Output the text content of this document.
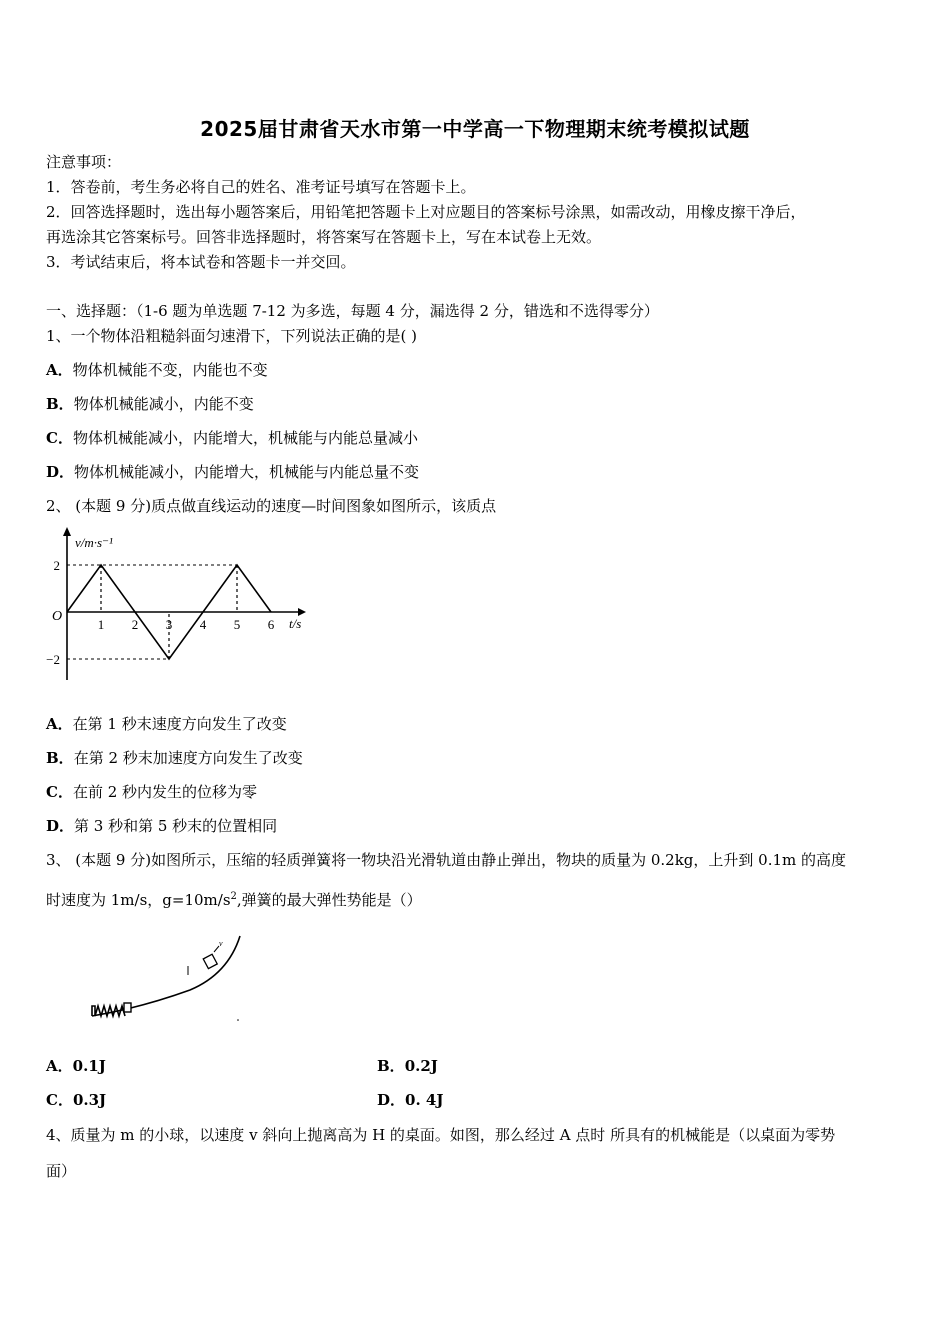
2025届甘肃省天水市第一中学高一下物理期末统考模拟试题
注意事项：
1．答卷前，考生务必将自己的姓名、准考证号填写在答题卡上。
2．回答选择题时，选出每小题答案后，用铅笔把答题卡上对应题目的答案标号涂黑，如需改动，用橡皮擦干净后，
再选涂其它答案标号。回答非选择题时，将答案写在答题卡上，写在本试卷上无效。
3．考试结束后，将本试卷和答题卡一并交回。
一、选择题：（1-6 题为单选题 7-12 为多选，每题 4 分，漏选得 2 分，错选和不选得零分）
1、一个物体沿粗糙斜面匀速滑下，下列说法正确的是( )
A．物体机械能不变，内能也不变
B．物体机械能减小，内能不变
C．物体机械能减小，内能增大，机械能与内能总量减小
D．物体机械能减小，内能增大，机械能与内能总量不变
2、 (本题 9 分)质点做直线运动的速度—时间图象如图所示，该质点
v/m·s⁻¹
t/s
O
1 2 3 4 5 6
2
−2
A．在第 1 秒末速度方向发生了改变
B．在第 2 秒末加速度方向发生了改变
C．在前 2 秒内发生的位移为零
D．第 3 秒和第 5 秒末的位置相同
3、 (本题 9 分)如图所示，压缩的轻质弹簧将一物块沿光滑轨道由静止弹出，物块的质量为 0.2kg，上升到 0.1m 的高度
时速度为 1m/s，$g=10m/s^2$,弹簧的最大弹性势能是（）
v
A．0.1J	B．0.2J
C．0.3J	D．0. 4J
4、质量为 m 的小球，以速度 v 斜向上抛离高为 H 的桌面。如图，那么经过 A 点时 所具有的机械能是（以桌面为零势
面）
